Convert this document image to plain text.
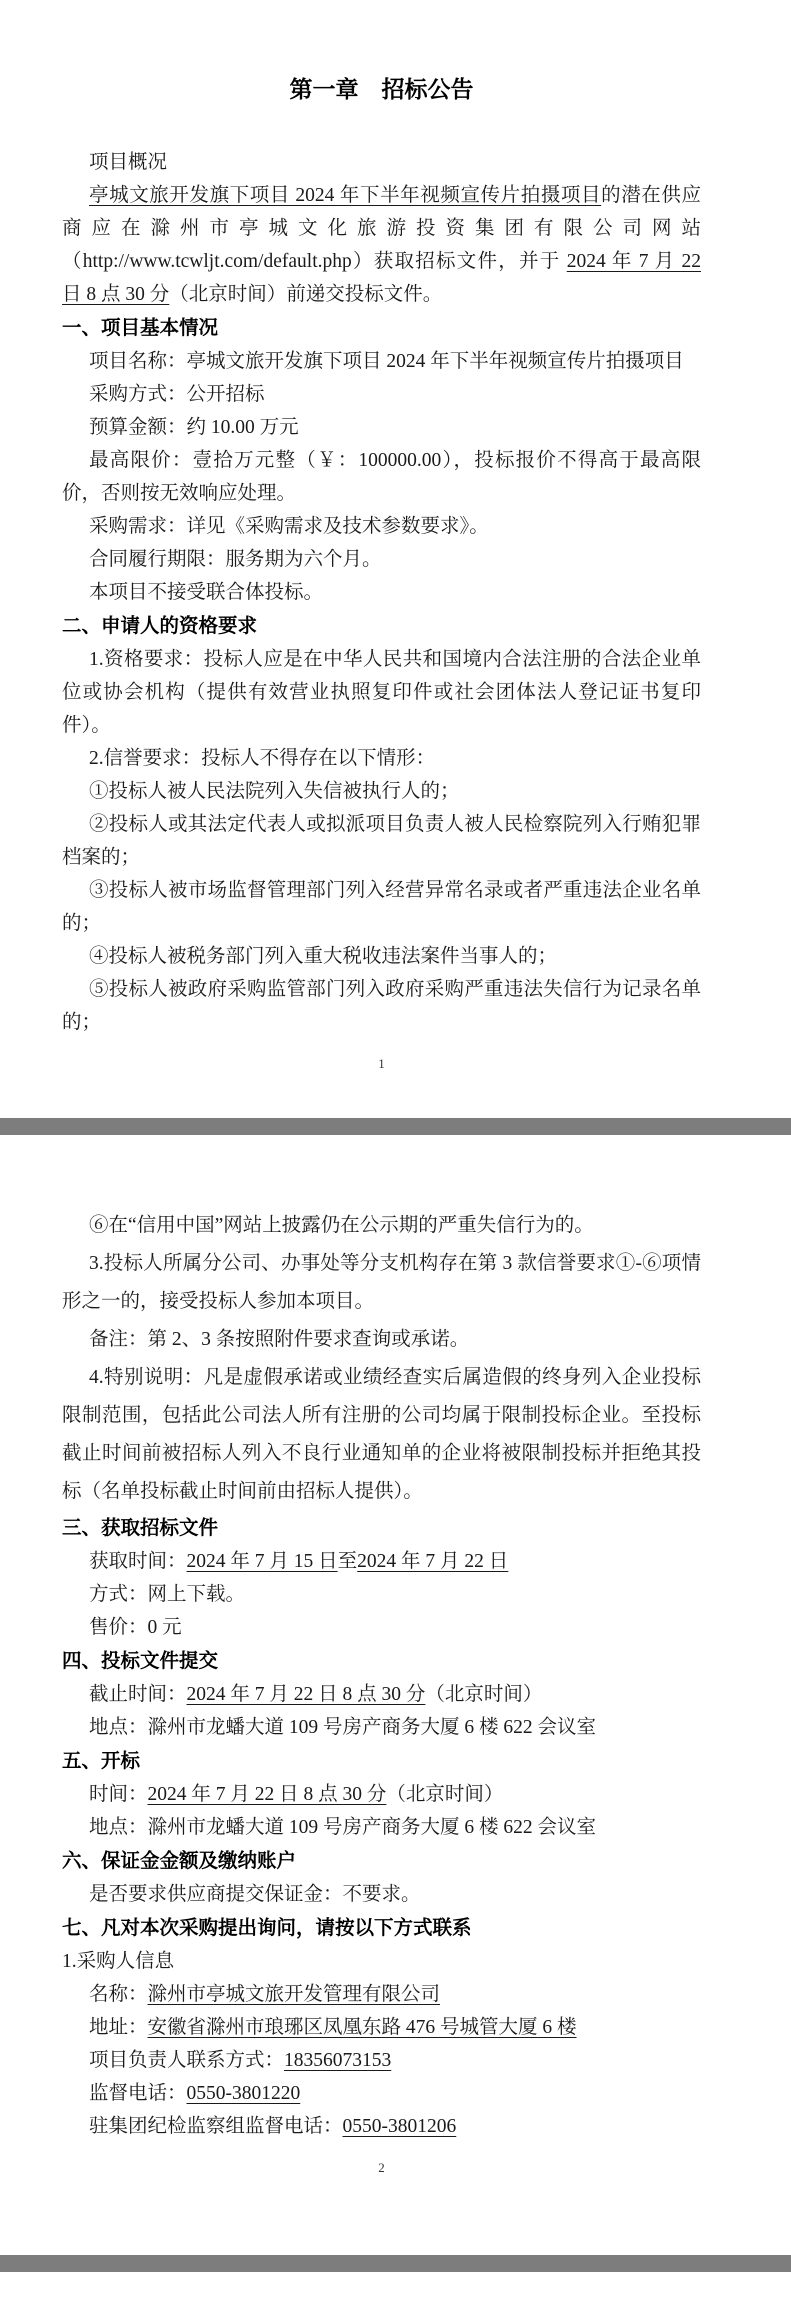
第一章　招标公告

项目概况

亭城文旅开发旗下项目 2024 年下半年视频宣传片拍摄项目的潜在供应商应在滁州市亭城文化旅游投资集团有限公司网站（http://www.tcwljt.com/default.php）获取招标文件，并于 2024 年 7 月 22 日 8 点 30 分（北京时间）前递交投标文件。

一、项目基本情况

项目名称：亭城文旅开发旗下项目 2024 年下半年视频宣传片拍摄项目

采购方式：公开招标

预算金额：约 10.00 万元

最高限价：壹拾万元整（￥：100000.00），投标报价不得高于最高限价，否则按无效响应处理。

采购需求：详见《采购需求及技术参数要求》。

合同履行期限：服务期为六个月。

本项目不接受联合体投标。

二、申请人的资格要求

1.资格要求：投标人应是在中华人民共和国境内合法注册的合法企业单位或协会机构（提供有效营业执照复印件或社会团体法人登记证书复印件）。

2.信誉要求：投标人不得存在以下情形：

①投标人被人民法院列入失信被执行人的；

②投标人或其法定代表人或拟派项目负责人被人民检察院列入行贿犯罪档案的；

③投标人被市场监督管理部门列入经营异常名录或者严重违法企业名单的；

④投标人被税务部门列入重大税收违法案件当事人的；

⑤投标人被政府采购监管部门列入政府采购严重违法失信行为记录名单的；

1

⑥在“信用中国”网站上披露仍在公示期的严重失信行为的。

3.投标人所属分公司、办事处等分支机构存在第 3 款信誉要求①-⑥项情形之一的，接受投标人参加本项目。

备注：第 2、3 条按照附件要求查询或承诺。

4.特别说明：凡是虚假承诺或业绩经查实后属造假的终身列入企业投标限制范围，包括此公司法人所有注册的公司均属于限制投标企业。至投标截止时间前被招标人列入不良行业通知单的企业将被限制投标并拒绝其投标（名单投标截止时间前由招标人提供）。

三、获取招标文件

获取时间：2024 年 7 月 15 日至2024 年 7 月 22 日

方式：网上下载。

售价：0 元

四、投标文件提交

截止时间：2024 年 7 月 22 日 8 点 30 分（北京时间）

地点：滁州市龙蟠大道 109 号房产商务大厦 6 楼 622 会议室

五、开标

时间：2024 年 7 月 22 日 8 点 30 分（北京时间）

地点：滁州市龙蟠大道 109 号房产商务大厦 6 楼 622 会议室

六、保证金金额及缴纳账户

是否要求供应商提交保证金：不要求。

七、凡对本次采购提出询问，请按以下方式联系

1.采购人信息

名称：滁州市亭城文旅开发管理有限公司

地址：安徽省滁州市琅琊区凤凰东路 476 号城管大厦 6 楼

项目负责人联系方式：18356073153

监督电话：0550-3801220

驻集团纪检监察组监督电话：0550-3801206

2
